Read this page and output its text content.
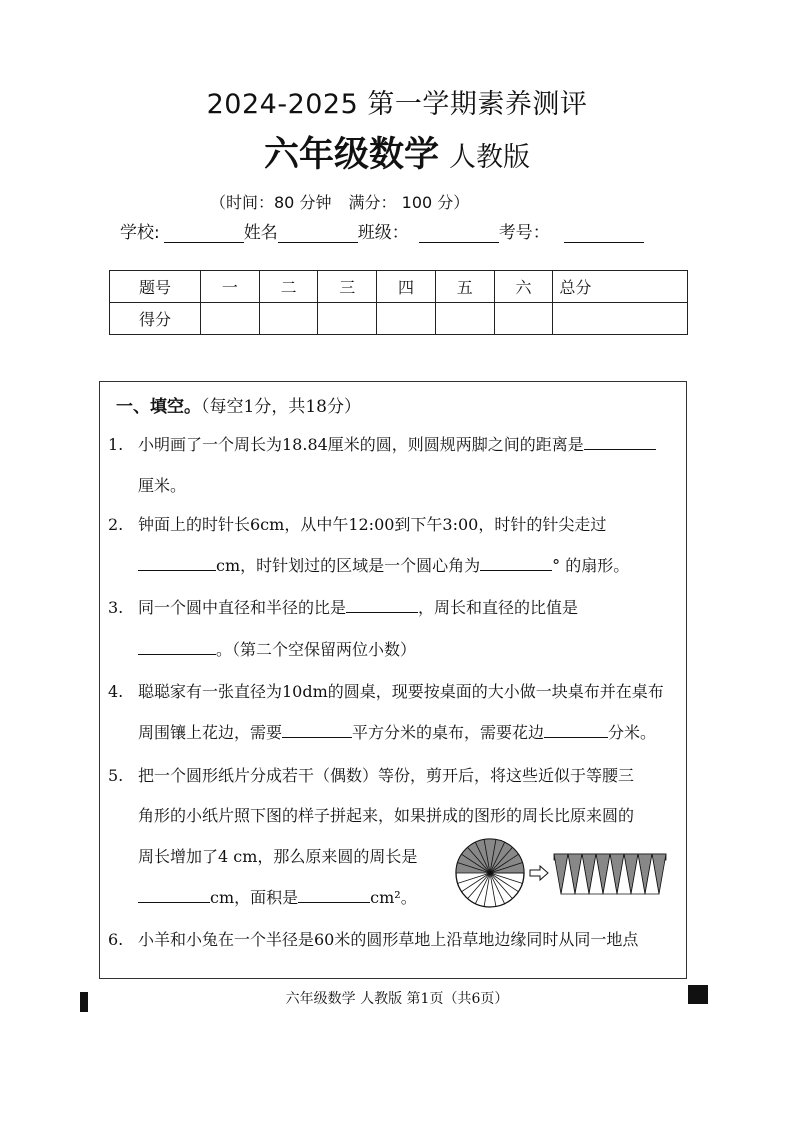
2024-2025 第一学期素养测评
六年级数学 人教版
（时间：80 分钟 满分： 100 分）
学校:	姓名	班级：	考号：
题号	一	二	三	四	五	六	总分
得分							
一、填空。（每空1分，共18分）
1. 小明画了一个周长为18.84厘米的圆，则圆规两脚之间的距离是
厘米。
2. 钟面上的时针长6cm，从中午12:00到下午3:00，时针的针尖走过
cm，时针划过的区域是一个圆心角为	° 的扇形。
3. 同一个圆中直径和半径的比是	，周长和直径的比值是
。（第二个空保留两位小数）
4. 聪聪家有一张直径为10dm的圆桌，现要按桌面的大小做一块桌布并在桌布
周围镶上花边，需要	平方分米的桌布，需要花边	分米。
5. 把一个圆形纸片分成若干（偶数）等份，剪开后，将这些近似于等腰三
角形的小纸片照下图的样子拼起来，如果拼成的图形的周长比原来圆的
周长增加了4 cm，那么原来圆的周长是
cm，面积是	cm²。
6. 小羊和小兔在一个半径是60米的圆形草地上沿草地边缘同时从同一地点
六年级数学 人教版 第1页（共6页）
